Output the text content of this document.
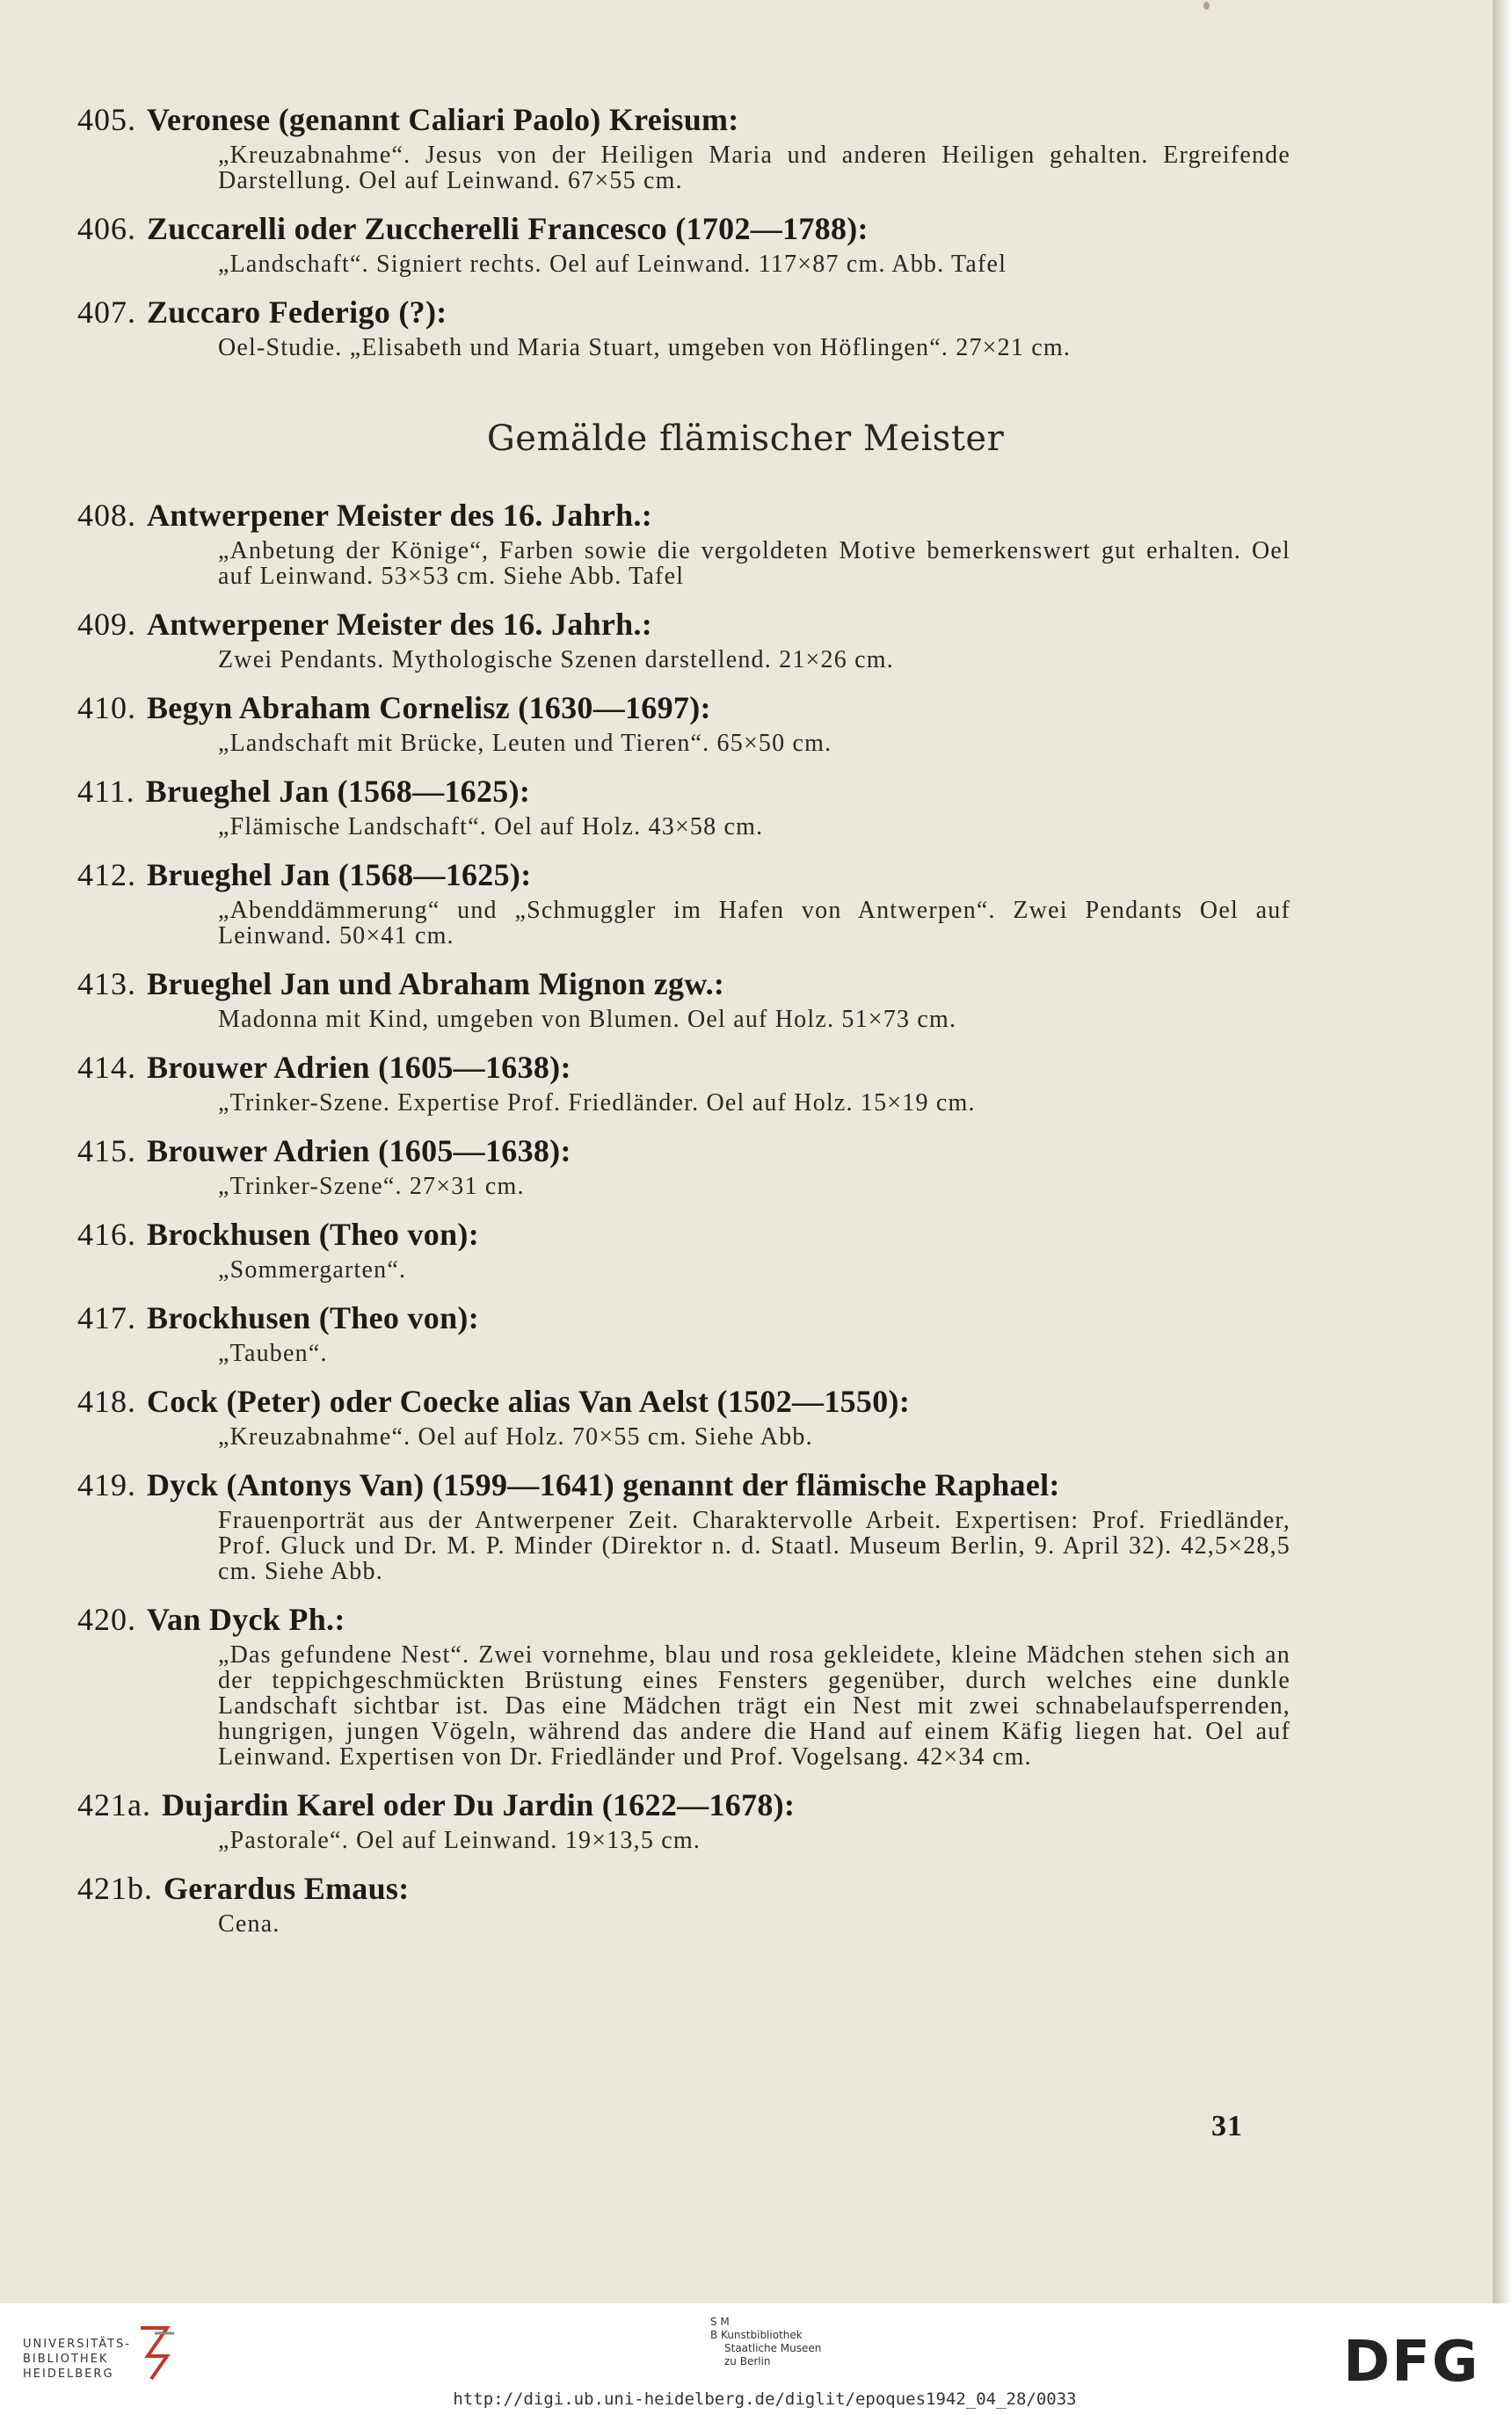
405. Veronese (genannt Caliari Paolo) Kreisum:
„Kreuzabnahme“. Jesus von der Heiligen Maria und anderen Heiligen gehalten. Ergreifende Darstellung. Oel auf Leinwand. 67×55 cm.
406. Zuccarelli oder Zuccherelli Francesco (1702—1788):
„Landschaft“. Signiert rechts. Oel auf Leinwand. 117×87 cm. Abb. Tafel
407. Zuccaro Federigo (?):
Oel-Studie. „Elisabeth und Maria Stuart, umgeben von Höflingen“. 27×21 cm.
Gemälde flämischer Meister
408. Antwerpener Meister des 16. Jahrh.:
„Anbetung der Könige“, Farben sowie die vergoldeten Motive bemerkenswert gut erhalten. Oel auf Leinwand. 53×53 cm. Siehe Abb. Tafel
409. Antwerpener Meister des 16. Jahrh.:
Zwei Pendants. Mythologische Szenen darstellend. 21×26 cm.
410. Begyn Abraham Cornelisz (1630—1697):
„Landschaft mit Brücke, Leuten und Tieren“. 65×50 cm.
411. Brueghel Jan (1568—1625):
„Flämische Landschaft“. Oel auf Holz. 43×58 cm.
412. Brueghel Jan (1568—1625):
„Abenddämmerung“ und „Schmuggler im Hafen von Antwerpen“. Zwei Pendants Oel auf Leinwand. 50×41 cm.
413. Brueghel Jan und Abraham Mignon zgw.:
Madonna mit Kind, umgeben von Blumen. Oel auf Holz. 51×73 cm.
414. Brouwer Adrien (1605—1638):
„Trinker-Szene. Expertise Prof. Friedländer. Oel auf Holz. 15×19 cm.
415. Brouwer Adrien (1605—1638):
„Trinker-Szene“. 27×31 cm.
416. Brockhusen (Theo von):
„Sommergarten“.
417. Brockhusen (Theo von):
„Tauben“.
418. Cock (Peter) oder Coecke alias Van Aelst (1502—1550):
„Kreuzabnahme“. Oel auf Holz. 70×55 cm. Siehe Abb.
419. Dyck (Antonys Van) (1599—1641) genannt der flämische Raphael:
Frauenporträt aus der Antwerpener Zeit. Charaktervolle Arbeit. Expertisen: Prof. Friedländer, Prof. Gluck und Dr. M. P. Minder (Direktor n. d. Staatl. Museum Berlin, 9. April 32). 42,5×28,5 cm. Siehe Abb.
420. Van Dyck Ph.:
„Das gefundene Nest“. Zwei vornehme, blau und rosa gekleidete, kleine Mädchen stehen sich an der teppichgeschmückten Brüstung eines Fensters gegenüber, durch welches eine dunkle Landschaft sichtbar ist. Das eine Mädchen trägt ein Nest mit zwei schnabelaufsperrenden, hungrigen, jungen Vögeln, während das andere die Hand auf einem Käfig liegen hat. Oel auf Leinwand. Expertisen von Dr. Friedländer und Prof. Vogelsang. 42×34 cm.
421a. Dujardin Karel oder Du Jardin (1622—1678):
„Pastorale“. Oel auf Leinwand. 19×13,5 cm.
421b. Gerardus Emaus:
Cena.
31
UNIVERSITÄTS-
BIBLIOTHEK
HEIDELBERG
S M
B Kunstbibliothek
Staatliche Museen
zu Berlin	DFG
http://digi.ub.uni-heidelberg.de/diglit/epoques1942_04_28/0033
